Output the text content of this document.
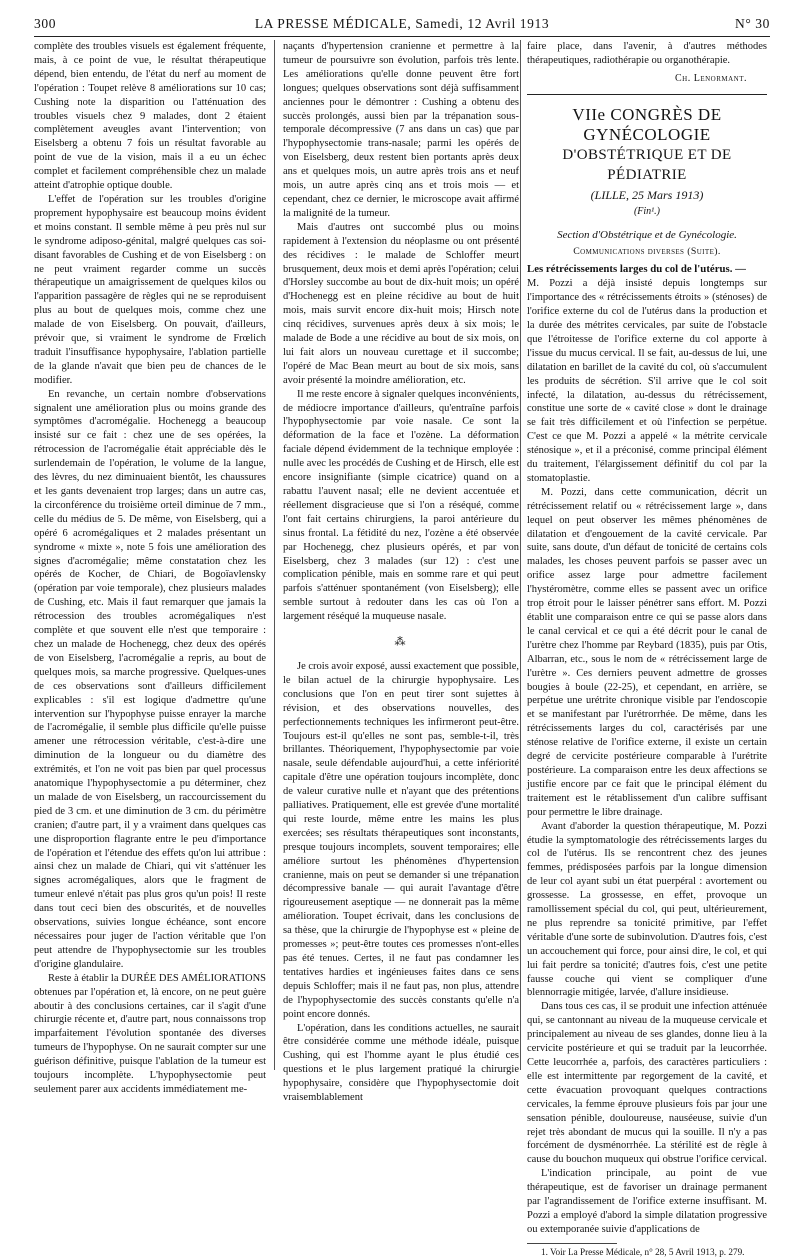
300	LA PRESSE MÉDICALE, Samedi, 12 Avril 1913	N° 30

complète des troubles visuels est également fréquente, mais, à ce point de vue, le résultat thérapeutique dépend, bien entendu, de l'état du nerf au moment de l'opération : Toupet relève 8 améliorations sur 10 cas; Cushing note la disparition ou l'atténuation des troubles visuels chez 9 malades, dont 2 étaient complètement aveugles avant l'intervention; von Eiselsberg a obtenu 7 fois un résultat favorable au point de vue de la vision, mais il a eu un échec complet et facilement compréhensible chez un malade atteint d'atrophie optique double.

L'effet de l'opération sur les troubles d'origine proprement hypophysaire est beaucoup moins évident et moins constant. Il semble même à peu près nul sur le syndrome adiposo-génital, malgré quelques cas soi-disant favorables de Cushing et de von Eiselsberg : on ne peut vraiment regarder comme un succès thérapeutique un amaigrissement de quelques kilos ou l'apparition passagère de règles qui ne se reproduisent plus au bout de quelques mois, comme chez une malade de von Eiselsberg. On pouvait, d'ailleurs, prévoir que, si vraiment le syndrome de Frœlich traduit l'insuffisance hypophysaire, l'ablation partielle de la glande n'avait que bien peu de chances de le modifier.

En revanche, un certain nombre d'observations signalent une amélioration plus ou moins grande des symptômes d'acromégalie. Hochenegg a beaucoup insisté sur ce fait : chez une de ses opérées, la rétrocession de l'acromégalie était appréciable dès le surlendemain de l'opération, le volume de la langue, des lèvres, du nez diminuaient bientôt, les chaussures et les gants devenaient trop larges; dans un autre cas, la circonférence du troisième orteil diminue de 7 mm., celle du médius de 5. De même, von Eiselsberg, qui a opéré 6 acromégaliques et 2 malades présentant un syndrome « mixte », note 5 fois une amélioration des signes d'acromégalie; même constatation chez les opérés de Kocher, de Chiari, de Bogoïavlensky (opération par voie temporale), chez plusieurs malades de Cushing, etc. Mais il faut remarquer que jamais la rétrocession des troubles acromégaliques n'est complète et que souvent elle n'est que temporaire : chez un malade de Hochenegg, chez deux des opérés de von Eiselsberg, l'acromégalie a repris, au bout de quelques mois, sa marche progressive. Quelques-unes de ces observations sont d'ailleurs difficilement explicables : s'il est logique d'admettre qu'une intervention sur l'hypophyse puisse enrayer la marche de l'acromégalie, il semble plus difficile qu'elle puisse amener une rétrocession véritable, c'est-à-dire une diminution de la longueur ou du diamètre des extrémités, et l'on ne voit pas bien par quel processus anatomique l'hypophysectomie a pu déterminer, chez un malade de von Eiselsberg, un raccourcissement du pied de 3 cm. et une diminution de 3 cm. du périmètre cranien; d'autre part, il y a vraiment dans quelques cas une disproportion flagrante entre le peu d'importance de l'opération et l'étendue des effets qu'on lui attribue : ainsi chez un malade de Chiari, qui vit s'atténuer les signes acromégaliques, alors que le fragment de tumeur enlevé n'était pas plus gros qu'un pois! Il reste dans tout ceci bien des obscurités, et de nouvelles observations, suivies longue échéance, sont encore nécessaires pour juger de l'action véritable que l'on peut attendre de l'hypophysectomie sur les troubles d'origine glandulaire.

Reste à établir la DURÉE DES AMÉLIORATIONS obtenues par l'opération et, là encore, on ne peut guère aboutir à des conclusions certaines, car il s'agit d'une chirurgie récente et, d'autre part, nous connaissons trop imparfaitement l'évolution spontanée des diverses tumeurs de l'hypophyse. On ne saurait compter sur une guérison définitive, puisque l'ablation de la tumeur est toujours incomplète. L'hypophysectomie peut seulement parer aux accidents immédiatement me-

naçants d'hypertension cranienne et permettre à la tumeur de poursuivre son évolution, parfois très lente. Les améliorations qu'elle donne peuvent être fort longues; quelques observations sont déjà suffisamment anciennes pour le démontrer : Cushing a obtenu des succès prolongés, aussi bien par la trépanation sous-temporale décompressive (7 ans dans un cas) que par l'hypophysectomie trans-nasale; parmi les opérés de von Eiselsberg, deux restent bien portants après deux ans et quelques mois, un autre après trois ans et neuf mois, un autre après cinq ans et trois mois — et cependant, chez ce dernier, le microscope avait affirmé la malignité de la tumeur.

Mais d'autres ont succombé plus ou moins rapidement à l'extension du néoplasme ou ont présenté des récidives : le malade de Schloffer meurt brusquement, deux mois et demi après l'opération; celui d'Horsley succombe au bout de dix-huit mois; un opéré d'Hochenegg est en pleine récidive au bout de huit mois, mais survit encore dix-huit mois; Hirsch note cinq récidives, survenues après deux à six mois; le malade de Bode a une récidive au bout de six mois, on lui fait alors un nouveau curettage et il succombe; l'opéré de Mac Bean meurt au bout de six mois, sans avoir présenté la moindre amélioration, etc.

Il me reste encore à signaler quelques inconvénients, de médiocre importance d'ailleurs, qu'entraîne parfois l'hypophysectomie par voie nasale. Ce sont la déformation de la face et l'ozène. La déformation faciale dépend évidemment de la technique employée : nulle avec les procédés de Cushing et de Hirsch, elle est encore insignifiante (simple cicatrice) quand on a rabattu l'auvent nasal; elle ne devient accentuée et réellement disgracieuse que si l'on a réséqué, comme l'ont fait certains chirurgiens, la paroi antérieure du sinus frontal. La fétidité du nez, l'ozène a été observée par Hochenegg, chez plusieurs opérés, et par von Eiselsberg, chez 3 malades (sur 12) : c'est une complication pénible, mais en somme rare et qui peut parfois s'atténuer spontanément (von Eiselsberg); elle semble surtout à redouter dans les cas où l'on a largement réséqué la muqueuse nasale.

⁂

Je crois avoir exposé, aussi exactement que possible, le bilan actuel de la chirurgie hypophysaire. Les conclusions que l'on en peut tirer sont sujettes à révision, et des observations nouvelles, des perfectionnements techniques les infirmeront peut-être. Toujours est-il qu'elles ne sont pas, semble-t-il, très brillantes. Théoriquement, l'hypophysectomie par voie nasale, seule défendable aujourd'hui, a cette infériorité capitale d'être une opération toujours incomplète, donc de valeur curative nulle et n'ayant que des prétentions palliatives. Pratiquement, elle est grevée d'une mortalité qui reste lourde, même entre les mains les plus exercées; ses résultats thérapeutiques sont inconstants, presque toujours incomplets, souvent temporaires; elle améliore surtout les phénomènes d'hypertension cranienne, mais on peut se demander si une trépanation décompressive banale — qui aurait l'avantage d'être rigoureusement aseptique — ne donnerait pas la même amélioration. Toupet écrivait, dans les conclusions de sa thèse, que la chirurgie de l'hypophyse est « pleine de promesses »; peut-être toutes ces promesses n'ont-elles pas été tenues. Certes, il ne faut pas condamner les tentatives hardies et ingénieuses faites dans ce sens depuis Schloffer; mais il ne faut pas, non plus, attendre de l'hypophysectomie des succès constants qu'elle n'a point encore donnés.

L'opération, dans les conditions actuelles, ne saurait être considérée comme une méthode idéale, puisque Cushing, qui est l'homme ayant le plus étudié ces questions et le plus largement pratiqué la chirurgie hypophysaire, considère que l'hypophysectomie doit vraisemblablement

faire place, dans l'avenir, à d'autres méthodes thérapeutiques, radiothérapie ou organothérapie.

Ch. Lenormant.
VIIe CONGRÈS DE GYNÉCOLOGIE
D'OBSTÉTRIQUE ET DE PÉDIATRIE
(LILLE, 25 Mars 1913)
(Fin¹.)
Section d'Obstétrique et de Gynécologie.
Communications diverses (Suite).
Les rétrécissements larges du col de l'utérus. —

M. Pozzi a déjà insisté depuis longtemps sur l'importance des « rétrécissements étroits » (sténoses) de l'orifice externe du col de l'utérus dans la production et la durée des métrites cervicales, par suite de l'obstacle que l'étroitesse de l'orifice externe du col apporte à l'issue du mucus cervical. Il se fait, au-dessus de lui, une dilatation en barillet de la cavité du col, où s'accumulent les produits de sécrétion. S'il arrive que le col soit infecté, la dilatation, au-dessus du rétrécissement, constitue une sorte de « cavité close » dont le drainage se fait très difficilement et où l'infection se perpétue. C'est ce que M. Pozzi a appelé « la métrite cervicale sténosique », et il a préconisé, comme principal élément du traitement, l'élargissement définitif du col par la stomatoplastie.

M. Pozzi, dans cette communication, décrit un rétrécissement relatif ou « rétrécissement large », dans lequel on peut observer les mêmes phénomènes de dilatation et d'engouement de la cavité cervicale. Par suite, sans doute, d'un défaut de tonicité de certains cols malades, les choses peuvent parfois se passer avec un orifice assez large pour admettre facilement l'hystéromètre, comme elles se passent avec un orifice trop étroit pour le laisser pénétrer sans effort. M. Pozzi établit une comparaison entre ce qui se passe alors dans le canal cervical et ce qui a été décrit pour le canal de l'urètre chez l'homme par Reybard (1835), puis par Otis, Albarran, etc., sous le nom de « rétrécissement large de l'urètre ». Ces derniers peuvent admettre de grosses bougies à boule (22-25), et cependant, en arrière, se perpétue une urétrite chronique visible par l'endoscopie et se manifestant par l'urétrorrhée. De même, dans les rétrécissements larges du col, caractérisés par une sténose relative de l'orifice externe, il existe un certain degré de cervicite postérieure comparable à l'urétrite postérieure. La comparaison entre les deux affections se justifie encore par ce fait que le principal élément du traitement est le rétablissement d'un calibre suffisant pour permettre le libre drainage.

Avant d'aborder la question thérapeutique, M. Pozzi étudie la symptomatologie des rétrécissements larges du col de l'utérus. Ils se rencontrent chez des jeunes femmes, prédisposées parfois par la longue dimension de leur col ayant subi un état puerpéral : avortement ou grossesse. La grossesse, en effet, provoque un ramollissement spécial du col, qui peut, ultérieurement, ne plus reprendre sa tonicité primitive, par l'effet véritable d'une sorte de subinvolution. D'autres fois, c'est un accouchement qui force, pour ainsi dire, le col, et qui lui fait perdre sa tonicité; d'autres fois, c'est une petite fausse couche qui vient se compliquer d'une blennorragie mitigée, larvée, d'allure insidieuse.

Dans tous ces cas, il se produit une infection atténuée qui, se cantonnant au niveau de la muqueuse cervicale et principalement au niveau de ses glandes, donne lieu à la cervicite postérieure et qui se traduit par la leucorrhée. Cette leucorrhée a, parfois, des caractères particuliers : elle est intermittente par regorgement de la cavité, et cette évacuation provoquant quelques contractions cervicales, la femme éprouve plusieurs fois par jour une sensation pénible, douloureuse, nauséeuse, suivie d'un rejet très abondant de mucus qui la souille. Il n'y a pas forcément de dysménorrhée. La stérilité est de règle à cause du bouchon muqueux qui obstrue l'orifice cervical.

L'indication principale, au point de vue thérapeutique, est de favoriser un drainage permanent par l'agrandissement de l'orifice externe insuffisant. M. Pozzi a employé d'abord la simple dilatation progressive ou extemporanée suivie d'applications de

1. Voir La Presse Médicale, n° 28, 5 Avril 1913, p. 279.
